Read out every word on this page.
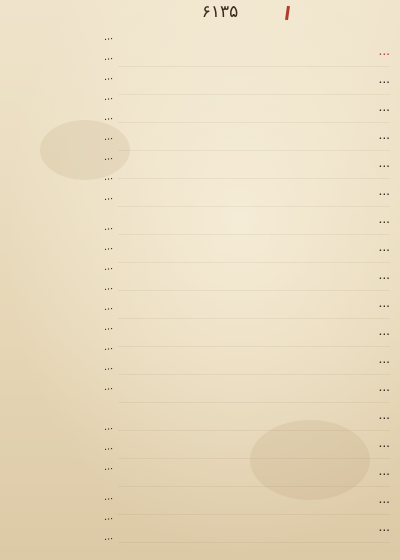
۶۱۳۵
...
...
...
...
...
...
...
...
...
...
...
...
...
...
...
...
...
...
...
...
...
...
...
...
...
...
...
...
...
...
...
...
...
...
...
...
...
...
...
...
...
...
